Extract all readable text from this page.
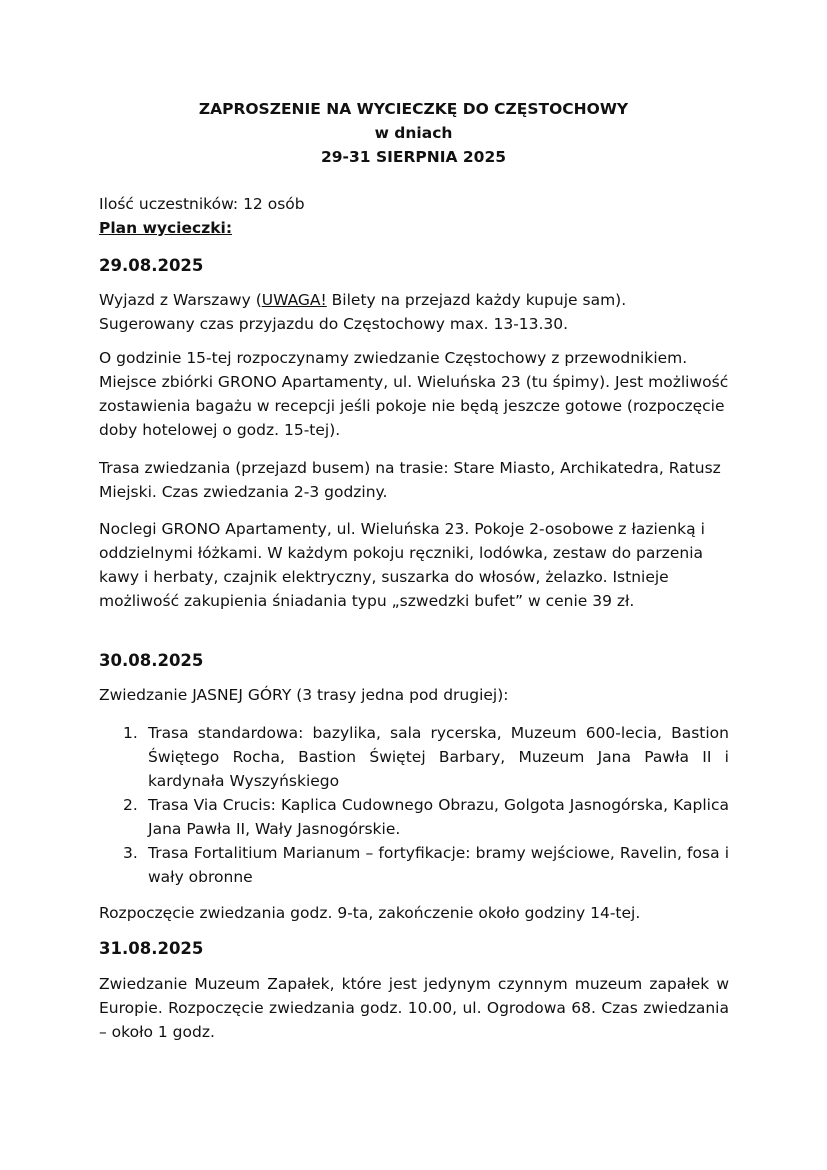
ZAPROSZENIE NA WYCIECZKĘ DO CZĘSTOCHOWY
w dniach
29-31 SIERPNIA 2025
Ilość uczestników: 12 osób
Plan wycieczki:
29.08.2025

Wyjazd z Warszawy (UWAGA! Bilety na przejazd każdy kupuje sam).

Sugerowany czas przyjazdu do Częstochowy max. 13-13.30.

O godzinie 15-tej rozpoczynamy zwiedzanie Częstochowy z przewodnikiem. Miejsce zbiórki GRONO Apartamenty, ul. Wieluńska 23 (tu śpimy). Jest możliwość zostawienia bagażu w recepcji jeśli pokoje nie będą jeszcze gotowe (rozpoczęcie doby hotelowej o godz. 15-tej).

Trasa zwiedzania (przejazd busem) na trasie: Stare Miasto, Archikatedra, Ratusz Miejski. Czas zwiedzania 2-3 godziny.

Noclegi GRONO Apartamenty, ul. Wieluńska 23. Pokoje 2-osobowe z łazienką i oddzielnymi łóżkami. W każdym pokoju ręczniki, lodówka, zestaw do parzenia kawy i herbaty, czajnik elektryczny, suszarka do włosów, żelazko. Istnieje możliwość zakupienia śniadania typu „szwedzki bufet” w cenie 39 zł.

30.08.2025
Zwiedzanie JASNEJ GÓRY (3 trasy jedna pod drugiej):
1. Trasa standardowa: bazylika, sala rycerska, Muzeum 600-lecia, Bastion Świętego Rocha, Bastion Świętej Barbary, Muzeum Jana Pawła II i kardynała Wyszyńskiego
2. Trasa Via Crucis: Kaplica Cudownego Obrazu, Golgota Jasnogórska, Kaplica Jana Pawła II, Wały Jasnogórskie.
3. Trasa Fortalitium Marianum – fortyfikacje: bramy wejściowe, Ravelin, fosa i wały obronne
Rozpoczęcie zwiedzania godz. 9-ta, zakończenie około godziny 14-tej.
31.08.2025

Zwiedzanie Muzeum Zapałek, które jest jedynym czynnym muzeum zapałek w Europie. Rozpoczęcie zwiedzania godz. 10.00, ul. Ogrodowa 68. Czas zwiedzania – około 1 godz.
